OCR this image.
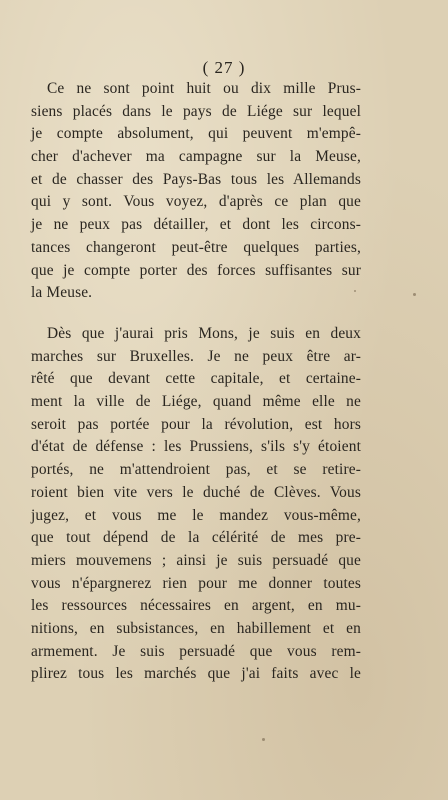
( 27 )
Ce ne sont point huit ou dix mille Prus-
siens placés dans le pays de Liége sur lequel
je compte absolument, qui peuvent m'empê-
cher d'achever ma campagne sur la Meuse,
et de chasser des Pays-Bas tous les Allemands
qui y sont. Vous voyez, d'après ce plan que
je ne peux pas détailler, et dont les circons-
tances changeront peut-être quelques parties,
que je compte porter des forces suffisantes sur
la Meuse.
Dès que j'aurai pris Mons, je suis en deux
marches sur Bruxelles. Je ne peux être ar-
rêté que devant cette capitale, et certaine-
ment la ville de Liége, quand même elle ne
seroit pas portée pour la révolution, est hors
d'état de défense : les Prussiens, s'ils s'y étoient
portés, ne m'attendroient pas, et se retire-
roient bien vite vers le duché de Clèves. Vous
jugez, et vous me le mandez vous-même,
que tout dépend de la célérité de mes pre-
miers mouvemens ; ainsi je suis persuadé que
vous n'épargnerez rien pour me donner toutes
les ressources nécessaires en argent, en mu-
nitions, en subsistances, en habillement et en
armement. Je suis persuadé que vous rem-
plirez tous les marchés que j'ai faits avec le
